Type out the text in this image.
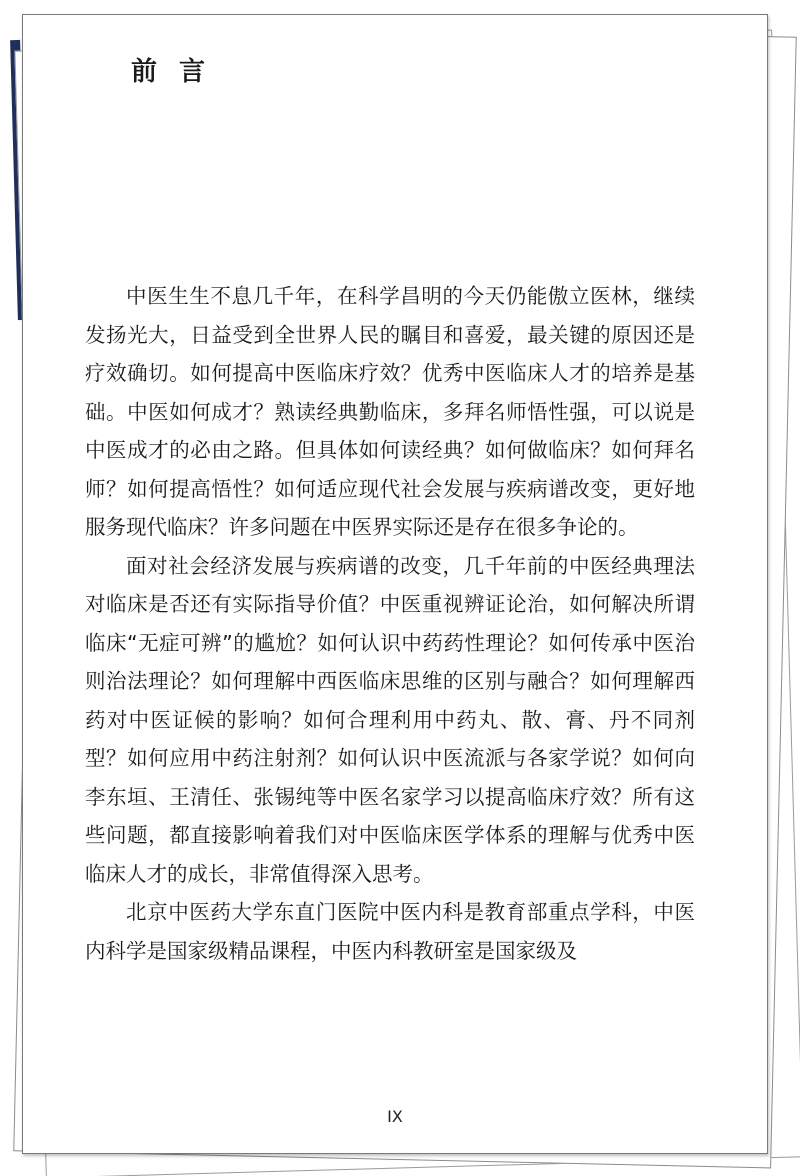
前言

中医生生不息几千年，在科学昌明的今天仍能傲立医林，继续发扬光大，日益受到全世界人民的瞩目和喜爱，最关键的原因还是疗效确切。如何提高中医临床疗效？优秀中医临床人才的培养是基础。中医如何成才？熟读经典勤临床，多拜名师悟性强，可以说是中医成才的必由之路。但具体如何读经典？如何做临床？如何拜名师？如何提高悟性？如何适应现代社会发展与疾病谱改变，更好地服务现代临床？许多问题在中医界实际还是存在很多争论的。

面对社会经济发展与疾病谱的改变，几千年前的中医经典理法对临床是否还有实际指导价值？中医重视辨证论治，如何解决所谓临床“无症可辨”的尴尬？如何认识中药药性理论？如何传承中医治则治法理论？如何理解中西医临床思维的区别与融合？如何理解西药对中医证候的影响？如何合理利用中药丸、散、膏、丹不同剂型？如何应用中药注射剂？如何认识中医流派与各家学说？如何向李东垣、王清任、张锡纯等中医名家学习以提高临床疗效？所有这些问题，都直接影响着我们对中医临床医学体系的理解与优秀中医临床人才的成长，非常值得深入思考。

北京中医药大学东直门医院中医内科是教育部重点学科，中医内科学是国家级精品课程，中医内科教研室是国家级及

IX
